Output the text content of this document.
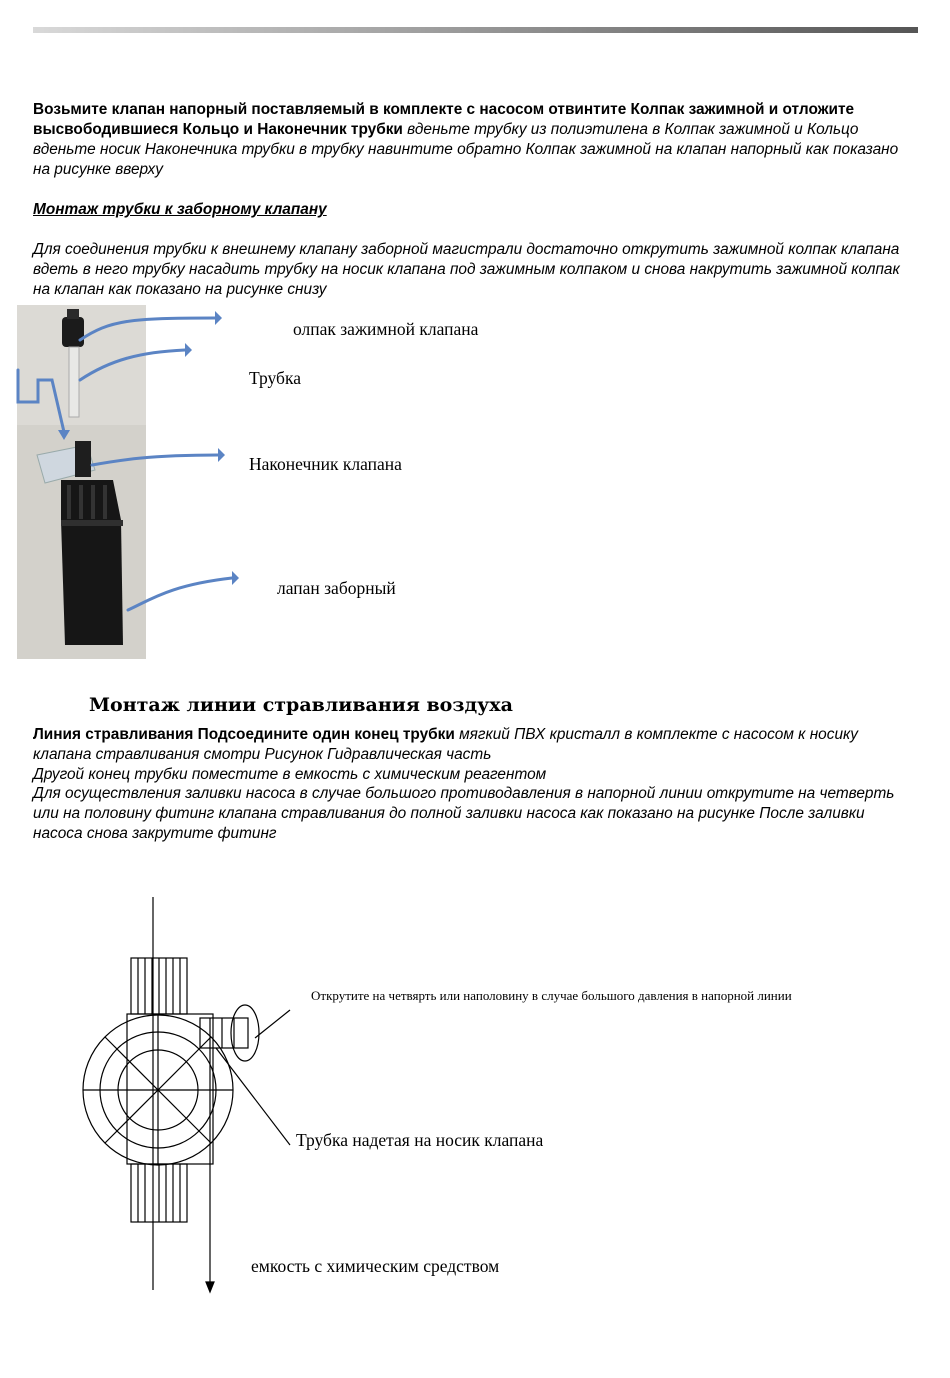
Возьмите клапан напорный поставляемый в комплекте с насосом отвинтите Колпак зажимной и отложите высвободившиеся Кольцо и Наконечник трубки вденьте трубку из полиэтилена в Колпак зажимной и Кольцо вденьте носик Наконечника трубки в трубку навинтите обратно Колпак зажимной на клапан напорный как показано на рисунке вверху
Монтаж трубки к заборному клапану
Для соединения трубки к внешнему клапану заборной магистрали достаточно открутить зажимной колпак клапана вдеть в него трубку насадить трубку на носик клапана под зажимным колпаком и снова накрутить зажимной колпак на клапан как показано на рисунке снизу
олпак зажимной клапана
Трубка
Наконечник клапана
лапан заборный
Монтаж линии стравливания воздуха
Линия стравливания Подсоедините один конец трубки мягкий ПВХ кристалл в комплекте с насосом к носику клапана стравливания смотри Рисунок Гидравлическая часть
Другой конец трубки поместите в емкость с химическим реагентом
Для осуществления заливки насоса в случае большого противодавления в напорной линии открутите на четверть или на половину фитинг клапана стравливания до полной заливки насоса как показано на рисунке После заливки насоса снова закрутите фитинг
Открутите на четвярть или наполовину в случае большого давления в напорной линии
Трубка надетая на носик клапана
емкость с химическим средством
